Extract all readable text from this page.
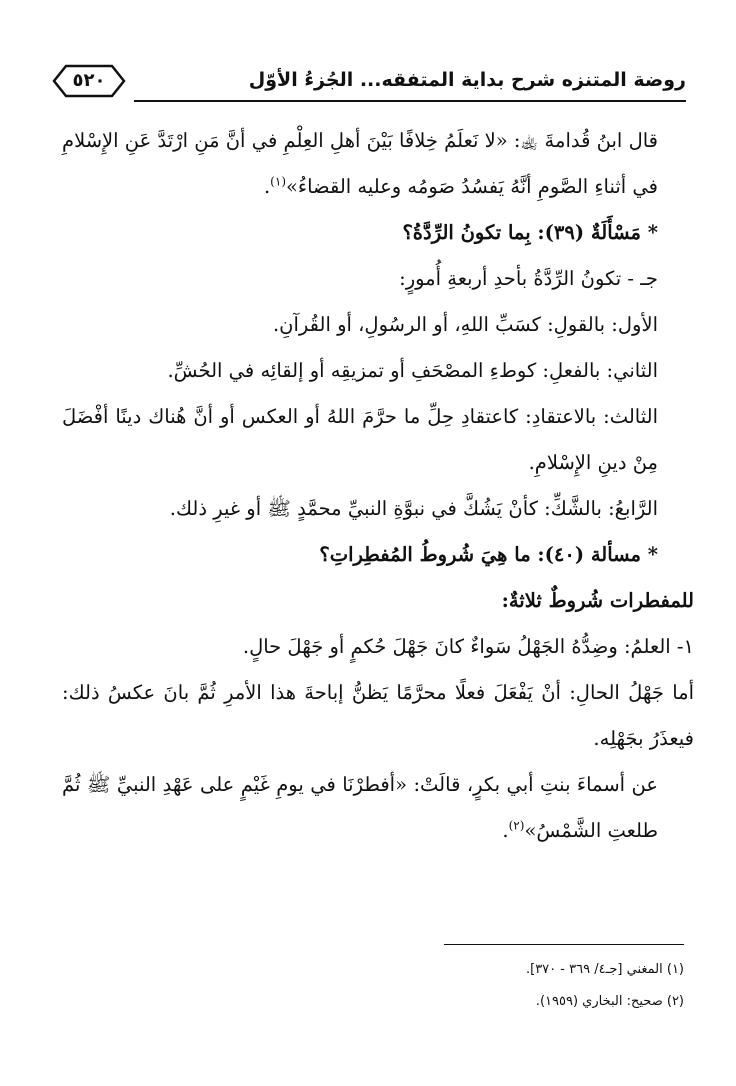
٥٢٠	روضة المتنزه شرح بداية المتفقه... الجُزءُ الأوّل

قال ابنُ قُدامةَ ﵀: «لا نَعلَمُ خِلافًا بَيْنَ أهلِ العِلْمِ في أنَّ مَنِ ارْتَدَّ عَنِ الإِسْلامِ في أثناءِ الصَّومِ أنَّهُ يَفسُدُ صَومُه وعليه القضاءُ»$^{(١)}$.

* مَسْأَلَةٌ (٣٩): بِما تكونُ الرِّدَّةُ؟

جـ - تكونُ الرِّدَّةُ بأحدِ أربعةِ أُمورٍ:

الأول: بالقولِ: كسَبِّ اللهِ، أو الرسُولِ، أو القُرآنِ.

الثاني: بالفعلِ: كوطءِ المصْحَفِ أو تمزيقِه أو إلقائِه في الحُشِّ.

الثالث: بالاعتقادِ: كاعتقادِ حِلِّ ما حرَّمَ اللهُ أو العكس أو أنَّ هُناك دينًا أفْضَلَ مِنْ دينِ الإِسْلامِ.

الرَّابعُ: بالشَّكِّ: كأنْ يَشُكَّ في نبوَّةِ النبيِّ محمَّدٍ ﷺ أو غيرِ ذلك.

* مسألة (٤٠): ما هِيَ شُروطُ المُفطِراتِ؟

للمفطرات شُروطٌ ثلاثةٌ:

١- العلمُ: وضِدُّهُ الجَهْلُ سَواءٌ كانَ جَهْلَ حُكمٍ أو جَهْلَ حالٍ.

أما جَهْلُ الحالِ: أنْ يَفْعَلَ فعلًا محرَّمًا يَظنُّ إباحةَ هذا الأمرِ ثُمَّ بانَ عكسُ ذلك: فيعذَرُ بجَهْلِه.

عن أسماءَ بنتِ أبي بكرٍ، قالَتْ: «أفطرْنَا في يومِ غَيْمٍ على عَهْدِ النبيِّ ﷺ ثُمَّ طلعتِ الشَّمْسُ»$^{(٢)}$.

(١) المغني [جـ٤/ ٣٦٩ - ٣٧٠].

(٢) صحيح: البخاري (١٩٥٩).
